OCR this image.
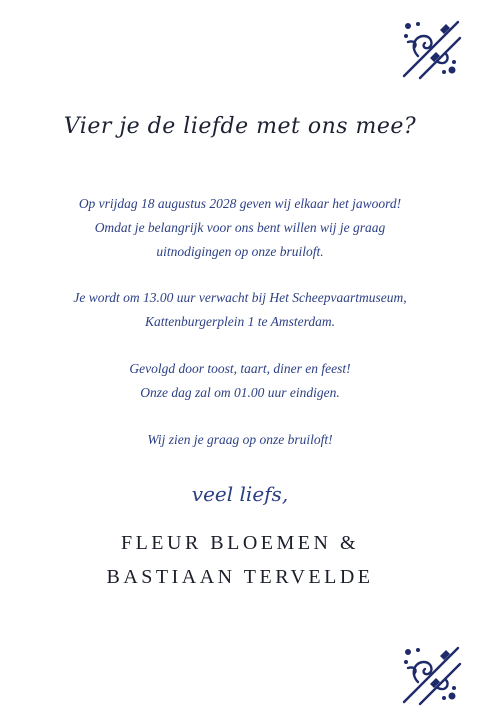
Vier je de liefde met ons mee?

Op vrijdag 18 augustus 2028 geven wij elkaar het jawoord!

Omdat je belangrijk voor ons bent willen wij je graag

uitnodigingen op onze bruiloft.

Je wordt om 13.00 uur verwacht bij Het Scheepvaartmuseum,

Kattenburgerplein 1 te Amsterdam.

Gevolgd door toost, taart, diner en feest!

Onze dag zal om 01.00 uur eindigen.

Wij zien je graag op onze bruiloft!

veel liefs,
FLEUR BLOEMEN &
BASTIAAN TERVELDE
